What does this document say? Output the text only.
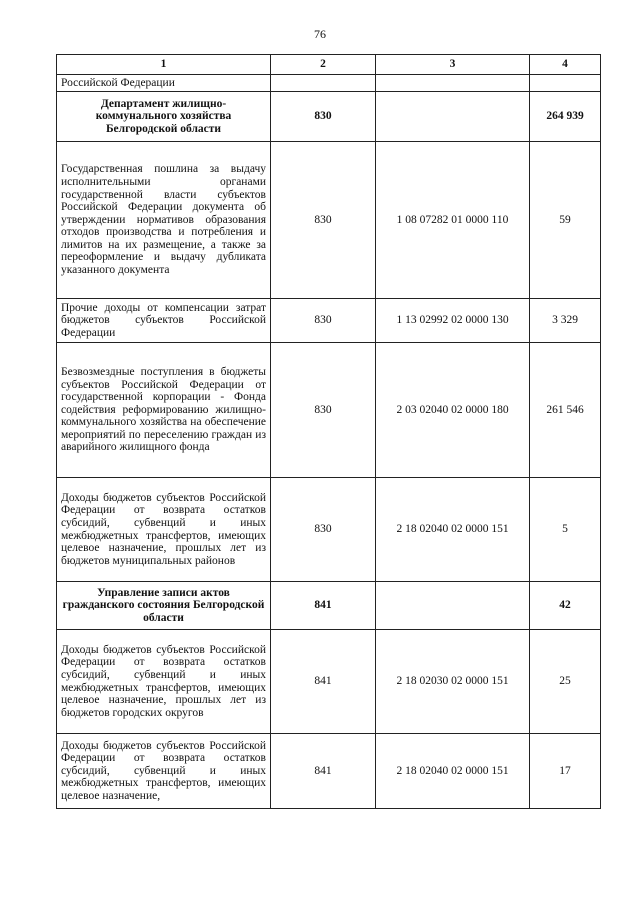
76
1	2	3	4
Российской Федерации			
Департамент жилищно-коммунального хозяйства Белгородской области	830		264 939
Государственная пошлина за выдачу исполнительными органами государственной власти субъектов Российской Федерации документа об утверждении нормативов образования отходов производства и потребления и лимитов на их размещение, а также за переоформление и выдачу дубликата указанного документа	830	1 08 07282 01 0000 110	59
Прочие доходы от компенсации затрат бюджетов субъектов Российской Федерации	830	1 13 02992 02 0000 130	3 329
Безвозмездные поступления в бюджеты субъектов Российской Федерации от государственной корпорации - Фонда содействия реформированию жилищно-коммунального хозяйства на обеспечение мероприятий по переселению граждан из аварийного жилищного фонда	830	2 03 02040 02 0000 180	261 546
Доходы бюджетов субъектов Российской Федерации от возврата остатков субсидий, субвенций и иных межбюджетных трансфертов, имеющих целевое назначение, прошлых лет из бюджетов муниципальных районов	830	2 18 02040 02 0000 151	5
Управление записи актов гражданского состояния Белгородской области	841		42
Доходы бюджетов субъектов Российской Федерации от возврата остатков субсидий, субвенций и иных межбюджетных трансфертов, имеющих целевое назначение, прошлых лет из бюджетов городских округов	841	2 18 02030 02 0000 151	25
Доходы бюджетов субъектов Российской Федерации от возврата остатков субсидий, субвенций и иных межбюджетных трансфертов, имеющих целевое назначение,	841	2 18 02040 02 0000 151	17
